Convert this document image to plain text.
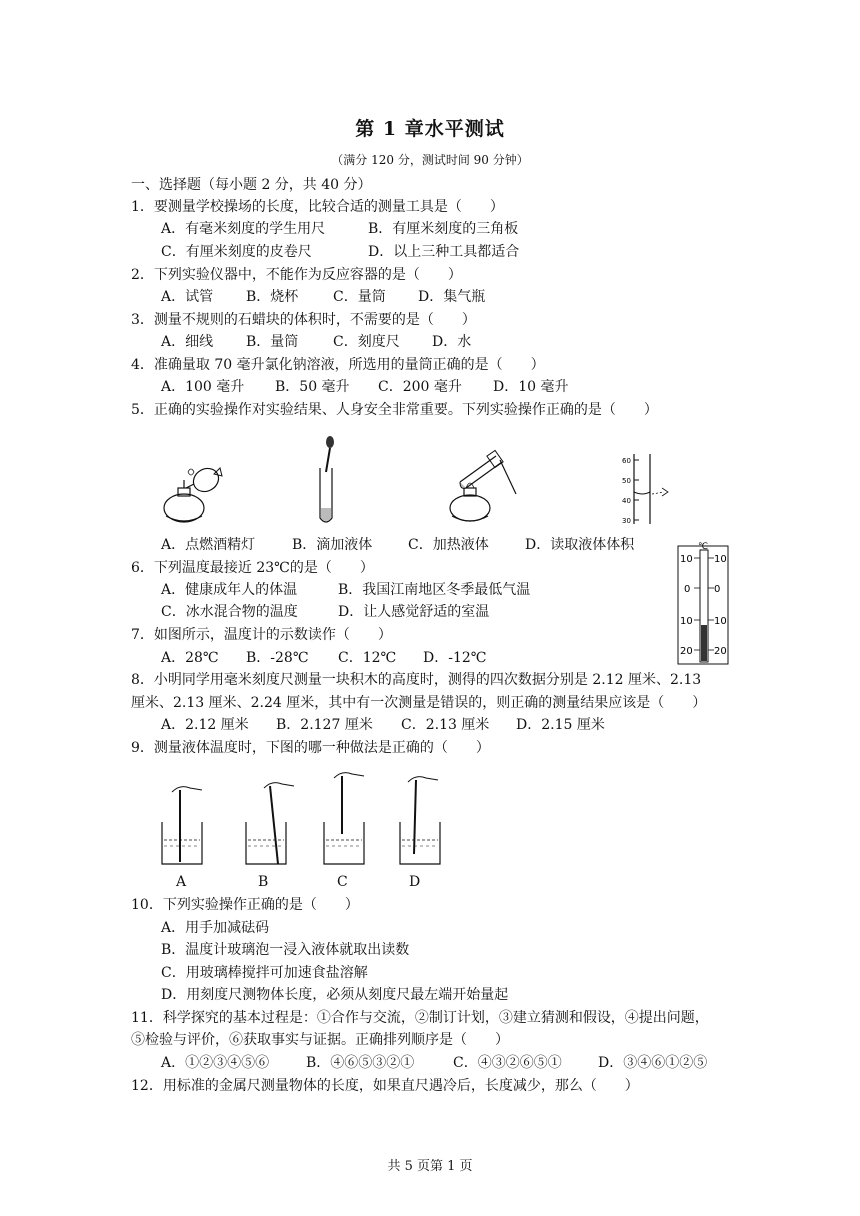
第 1 章水平测试
（满分 120 分，测试时间 90 分钟）
一、选择题（每小题 2 分，共 40 分）
1．要测量学校操场的长度，比较合适的测量工具是（　　）
A．有毫米刻度的学生用尺	B．有厘米刻度的三角板
C．有厘米刻度的皮卷尺	D．以上三种工具都适合
2．下列实验仪器中，不能作为反应容器的是（　　）
A．试管 B．烧杯 C．量筒 D．集气瓶
3．测量不规则的石蜡块的体积时，不需要的是（　　）
A．细线 B．量筒 C．刻度尺 D．水
4．准确量取 70 毫升氯化钠溶液，所选用的量筒正确的是（　　）
A．100 毫升 B．50 毫升 C．200 毫升 D．10 毫升
5．正确的实验操作对实验结果、人身安全非常重要。下列实验操作正确的是（　　）
60
50
40
30
A．点燃酒精灯	B．滴加液体	C．加热液体	D．读取液体体积	℃
10
0
10
20
10
0
10
20
6．下列温度最接近 23℃的是（　　）
A．健康成年人的体温	B．我国江南地区冬季最低气温
C．冰水混合物的温度	D．让人感觉舒适的室温
7．如图所示，温度计的示数读作（　　）
A．28℃ B．-28℃ C．12℃ D．-12℃
8．小明同学用毫米刻度尺测量一块积木的高度时，测得的四次数据分别是 2.12 厘米、2.13
厘米、2.13 厘米、2.24 厘米，其中有一次测量是错误的，则正确的测量结果应该是（　　）
A．2.12 厘米 B．2.127 厘米 C．2.13 厘米 D．2.15 厘米
9．测量液体温度时，下图的哪一种做法是正确的（　　）
A	B	C	D
10．下列实验操作正确的是（　　）
A．用手加减砝码
B．温度计玻璃泡一浸入液体就取出读数
C．用玻璃棒搅拌可加速食盐溶解
D．用刻度尺测物体长度，必须从刻度尺最左端开始量起
11．科学探究的基本过程是：①合作与交流，②制订计划，③建立猜测和假设，④提出问题，
⑤检验与评价，⑥获取事实与证据。正确排列顺序是（　　）
A．①②③④⑤⑥	B．④⑥⑤③②①	C．④③②⑥⑤①	D．③④⑥①②⑤
12．用标准的金属尺测量物体的长度，如果直尺遇冷后，长度减少，那么（　　）
共 5 页第 1 页
